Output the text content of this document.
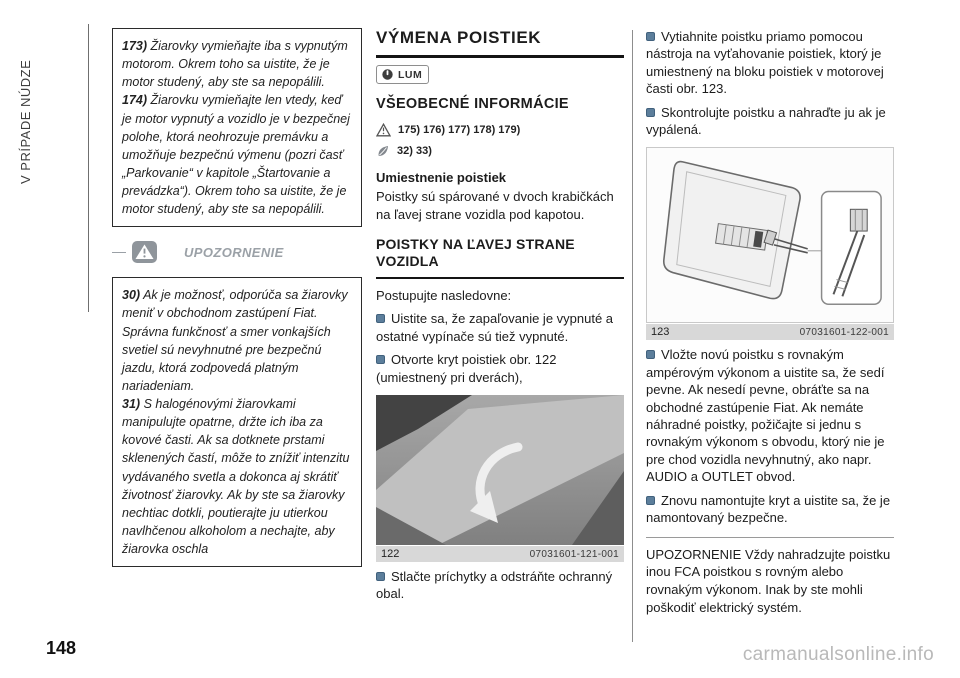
V PRÍPADE NÚDZE
148	carmanualsonline.info

173) Žiarovky vymieňajte iba s vypnutým motorom. Okrem toho sa uistite, že je motor studený, aby ste sa nepopálili.

174) Žiarovku vymieňajte len vtedy, keď je motor vypnutý a vozidlo je v bezpečnej polohe, ktorá neohrozuje premávku a umožňuje bezpečnú výmenu (pozri časť „Parkovanie“ v kapitole „Štartovanie a prevádzka“). Okrem toho sa uistite, že je motor studený, aby ste sa nepopálili.

UPOZORNENIE

30) Ak je možnosť, odporúča sa žiarovky meniť v obchodnom zastúpení Fiat. Správna funkčnosť a smer vonkajších svetiel sú nevyhnutné pre bezpečnú jazdu, ktorá zodpovedá platným nariadeniam.

31) S halogénovými žiarovkami manipulujte opatrne, držte ich iba za kovové časti. Ak sa dotknete prstami sklenených častí, môže to znížiť intenzitu vydávaného svetla a dokonca aj skrátiť životnosť žiarovky. Ak by ste sa žiarovky nechtiac dotkli, poutierajte ju utierkou navlhčenou alkoholom a nechajte, aby žiarovka oschla

VÝMENA POISTIEK
LUM
VŠEOBECNÉ INFORMÁCIE
175) 176) 177) 178) 179)
32) 33)
Umiestnenie poistiek

Poistky sú spárované v dvoch krabičkách na ľavej strane vozidla pod kapotou.

POISTKY NA ĽAVEJ STRANE VOZIDLA

Postupujte nasledovne:

Uistite sa, že zapaľovanie je vypnuté a ostatné vypínače sú tiež vypnuté.

Otvorte kryt poistiek obr. 122 (umiestnený pri dverách),

122	07031601-121-001

Stlačte príchytky a odstráňte ochranný obal.

Vytiahnite poistku priamo pomocou nástroja na vyťahovanie poistiek, ktorý je umiestnený na bloku poistiek v motorovej časti obr. 123.

Skontrolujte poistku a nahraďte ju ak je vypálená.

123	07031601-122-001

Vložte novú poistku s rovnakým ampérovým výkonom a uistite sa, že sedí pevne. Ak nesedí pevne, obráťte sa na obchodné zastúpenie Fiat. Ak nemáte náhradné poistky, požičajte si jednu s rovnakým výkonom s obvodu, ktorý nie je pre chod vozidla nevyhnutný, ako napr. AUDIO a OUTLET obvod.

Znovu namontujte kryt a uistite sa, že je namontovaný bezpečne.

UPOZORNENIE Vždy nahradzujte poistku inou FCA poistkou s rovným alebo rovnakým výkonom. Inak by ste mohli poškodiť elektrický systém.
